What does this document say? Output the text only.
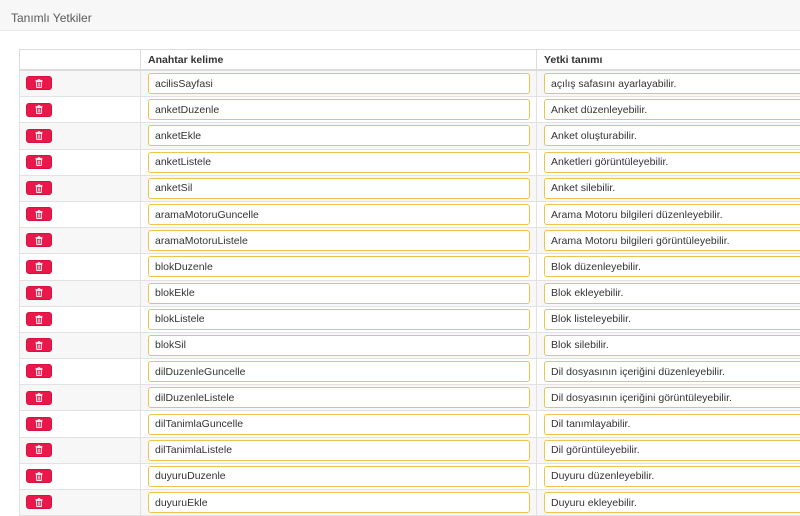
Tanımlı Yetkiler
	Anahtar kelime	Yetki tanımı

acilisSayfasi	
açılış safasını ayarlayabilir.

anketDuzenle	
Anket düzenleyebilir.

anketEkle	
Anket oluşturabilir.

anketListele	
Anketleri görüntüleyebilir.

anketSil	
Anket silebilir.

aramaMotoruGuncelle	
Arama Motoru bilgileri düzenleyebilir.

aramaMotoruListele	
Arama Motoru bilgileri görüntüleyebilir.

blokDuzenle	
Blok düzenleyebilir.

blokEkle	
Blok ekleyebilir.

blokListele	
Blok listeleyebilir.

blokSil	
Blok silebilir.

dilDuzenleGuncelle	
Dil dosyasının içeriğini düzenleyebilir.

dilDuzenleListele	
Dil dosyasının içeriğini görüntüleyebilir.

dilTanimlaGuncelle	
Dil tanımlayabilir.

dilTanimlaListele	
Dil görüntüleyebilir.

duyuruDuzenle	
Duyuru düzenleyebilir.

duyuruEkle	
Duyuru ekleyebilir.
